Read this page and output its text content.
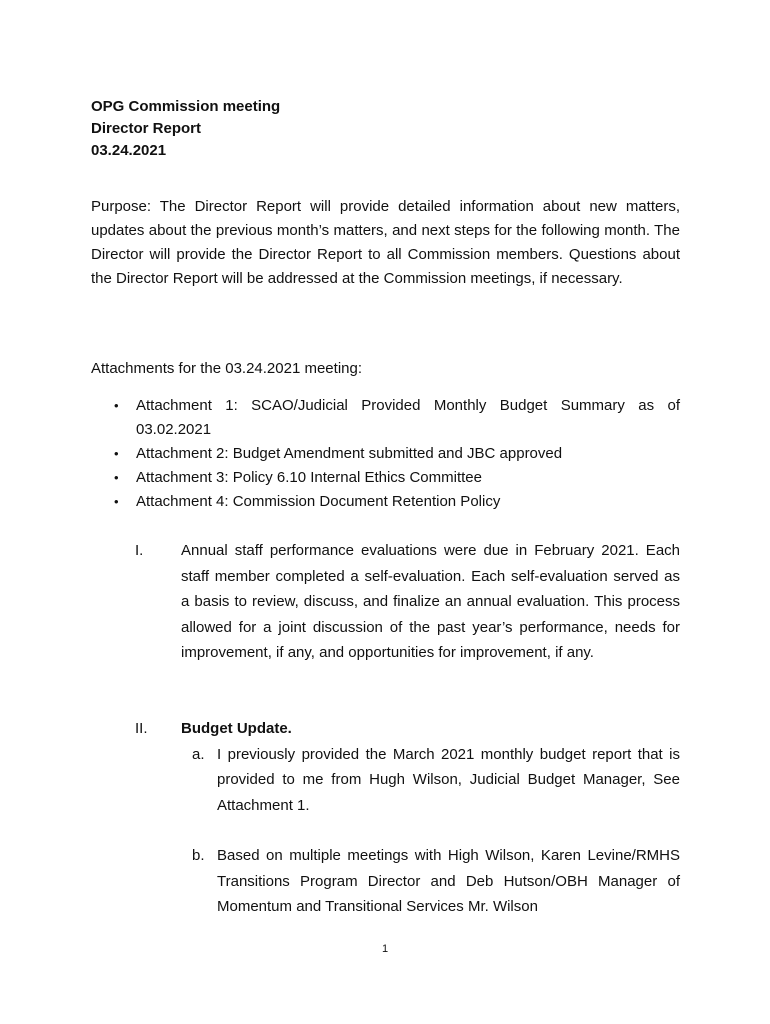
OPG Commission meeting
Director Report
03.24.2021
Purpose: The Director Report will provide detailed information about new matters, updates about the previous month’s matters, and next steps for the following month. The Director will provide the Director Report to all Commission members. Questions about the Director Report will be addressed at the Commission meetings, if necessary.
Attachments for the 03.24.2021 meeting:
• Attachment 1: SCAO/Judicial Provided Monthly Budget Summary as of 03.02.2021
• Attachment 2: Budget Amendment submitted and JBC approved
• Attachment 3: Policy 6.10 Internal Ethics Committee
• Attachment 4: Commission Document Retention Policy
I.	Annual staff performance evaluations were due in February 2021. Each staff member completed a self-evaluation. Each self-evaluation served as a basis to review, discuss, and finalize an annual evaluation. This process allowed for a joint discussion of the past year’s performance, needs for improvement, if any, and opportunities for improvement, if any.
II. Budget Update.
a. I previously provided the March 2021 monthly budget report that is provided to me from Hugh Wilson, Judicial Budget Manager, See Attachment 1.
b. Based on multiple meetings with High Wilson, Karen Levine/RMHS Transitions Program Director and Deb Hutson/OBH Manager of Momentum and Transitional Services Mr. Wilson
1
